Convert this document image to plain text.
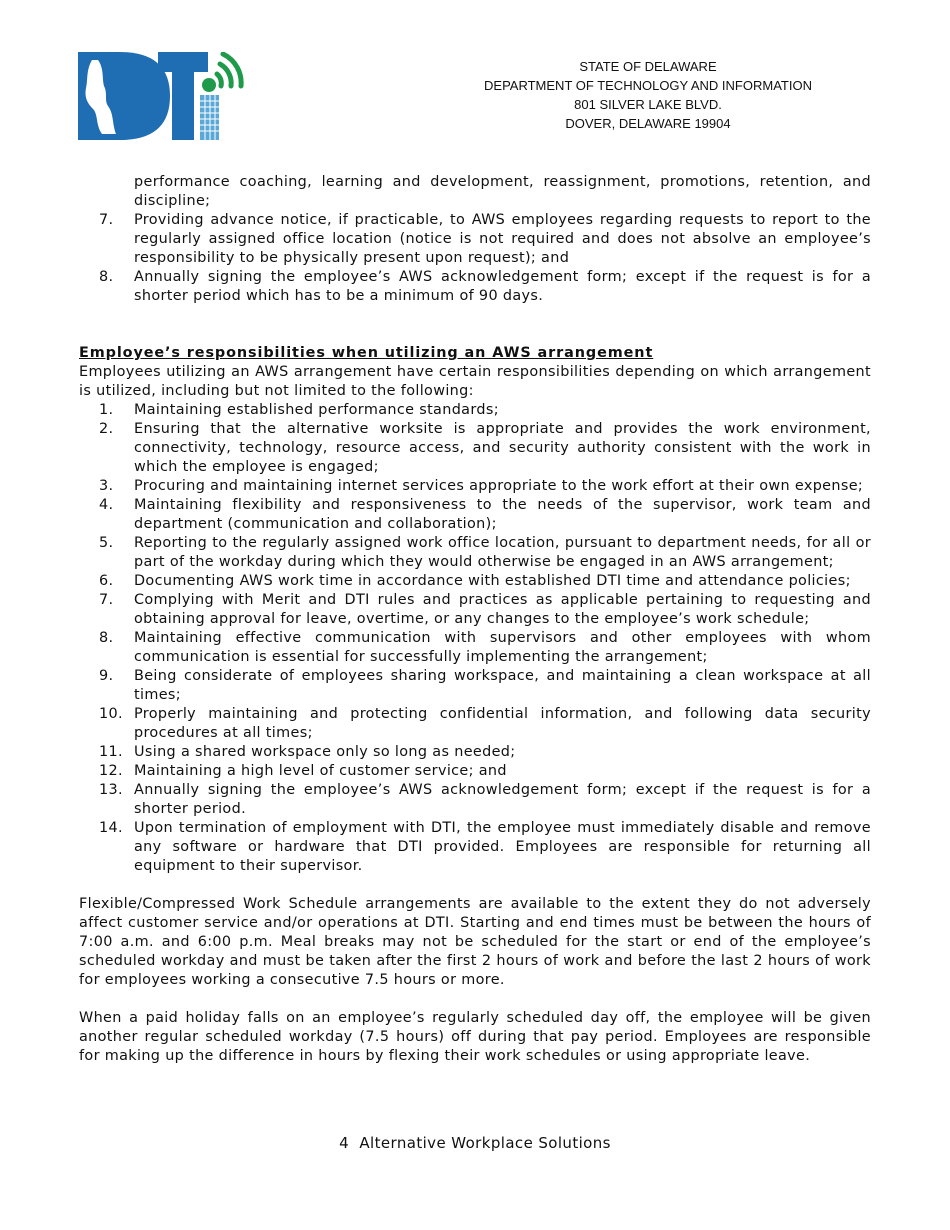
DTI
STATE OF DELAWARE
DEPARTMENT OF TECHNOLOGY AND INFORMATION
801 SILVER LAKE BLVD.
DOVER, DELAWARE 19904
performance coaching, learning and development, reassignment, promotions, retention, and discipline;
7.	Providing advance notice, if practicable, to AWS employees regarding requests to report to the regularly assigned office location (notice is not required and does not absolve an employee’s responsibility to be physically present upon request); and
8.	Annually signing the employee’s AWS acknowledgement form; except if the request is for a shorter period which has to be a minimum of 90 days.
Employee’s responsibilities when utilizing an AWS arrangement
Employees utilizing an AWS arrangement have certain responsibilities depending on which arrangement is utilized, including but not limited to the following:
1.	Maintaining established performance standards;
2.	Ensuring that the alternative worksite is appropriate and provides the work environment, connectivity, technology, resource access, and security authority consistent with the work in which the employee is engaged;
3.	Procuring and maintaining internet services appropriate to the work effort at their own expense;
4.	Maintaining flexibility and responsiveness to the needs of the supervisor, work team and department (communication and collaboration);
5.	Reporting to the regularly assigned work office location, pursuant to department needs, for all or part of the workday during which they would otherwise be engaged in an AWS arrangement;
6.	Documenting AWS work time in accordance with established DTI time and attendance policies;
7.	Complying with Merit and DTI rules and practices as applicable pertaining to requesting and obtaining approval for leave, overtime, or any changes to the employee’s work schedule;
8.	Maintaining effective communication with supervisors and other employees with whom communication is essential for successfully implementing the arrangement;
9.	Being considerate of employees sharing workspace, and maintaining a clean workspace at all times;
10. Properly maintaining and protecting confidential information, and following data security procedures at all times;
11. Using a shared workspace only so long as needed;
12. Maintaining a high level of customer service; and
13. Annually signing the employee’s AWS acknowledgement form; except if the request is for a shorter period.
14. Upon termination of employment with DTI, the employee must immediately disable and remove any software or hardware that DTI provided. Employees are responsible for returning all equipment to their supervisor.

Flexible/Compressed Work Schedule arrangements are available to the extent they do not adversely affect customer service and/or operations at DTI. Starting and end times must be between the hours of 7:00 a.m. and 6:00 p.m. Meal breaks may not be scheduled for the start or end of the employee’s scheduled workday and must be taken after the first 2 hours of work and before the last 2 hours of work for employees working a consecutive 7.5 hours or more.

When a paid holiday falls on an employee’s regularly scheduled day off, the employee will be given another regular scheduled workday (7.5 hours) off during that pay period. Employees are responsible for making up the difference in hours by flexing their work schedules or using appropriate leave.

4 Alternative Workplace Solutions
